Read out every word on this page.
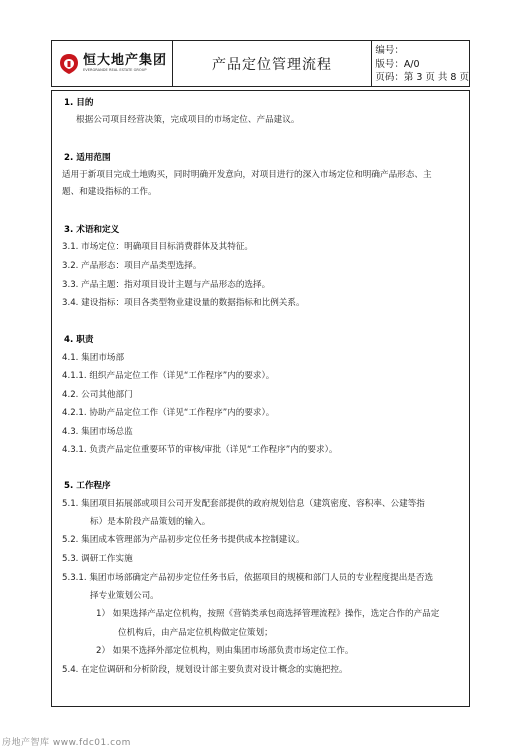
恒大地产集团
EVERGRANDE REAL ESTATE GROUP	产品定位管理流程
编号：
版号：A/0
页码：第 3 页 共 8 页
1. 目的
根据公司项目经营决策，完成项目的市场定位、产品建议。
2. 适用范围
适用于新项目完成土地购买，同时明确开发意向，对项目进行的深入市场定位和明确产品形态、主
题、和建设指标的工作。
3. 术语和定义
3.1. 市场定位：明确项目目标消费群体及其特征。
3.2. 产品形态：项目产品类型选择。
3.3. 产品主题：指对项目设计主题与产品形态的选择。
3.4. 建设指标：项目各类型物业建设量的数据指标和比例关系。
4. 职责
4.1. 集团市场部
4.1.1. 组织产品定位工作（详见“工作程序”内的要求）。
4.2. 公司其他部门
4.2.1. 协助产品定位工作（详见“工作程序”内的要求）。
4.3. 集团市场总监
4.3.1. 负责产品定位重要环节的审核/审批（详见“工作程序”内的要求）。
5. 工作程序
5.1. 集团项目拓展部或项目公司开发配套部提供的政府规划信息（建筑密度、容积率、公建等指
标）是本阶段产品策划的输入。
5.2. 集团成本管理部为产品初步定位任务书提供成本控制建议。
5.3. 调研工作实施
5.3.1. 集团市场部确定产品初步定位任务书后，依据项目的规模和部门人员的专业程度提出是否选
择专业策划公司。
1） 如果选择产品定位机构，按照《营销类承包商选择管理流程》操作，选定合作的产品定
位机构后，由产品定位机构做定位策划；
2） 如果不选择外部定位机构，则由集团市场部负责市场定位工作。
5.4. 在定位调研和分析阶段，规划设计部主要负责对设计概念的实施把控。
房地产智库 www.fdc01.com
